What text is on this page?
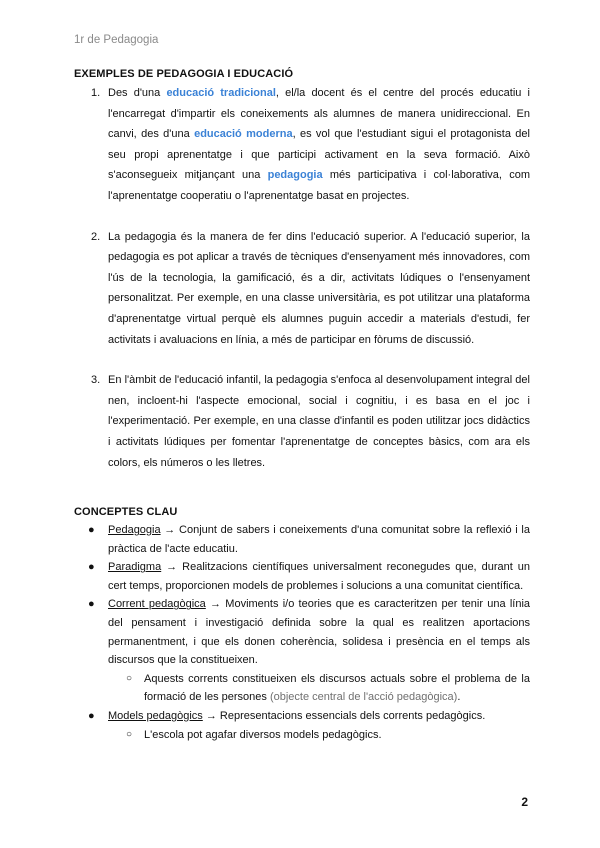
1r de Pedagogia
EXEMPLES DE PEDAGOGIA I EDUCACIÓ
1. Des d'una educació tradicional, el/la docent és el centre del procés educatiu i l'encarregat d'impartir els coneixements als alumnes de manera unidireccional. En canvi, des d'una educació moderna, es vol que l'estudiant sigui el protagonista del seu propi aprenentatge i que participi activament en la seva formació. Això s'aconsegueix mitjançant una pedagogia més participativa i col·laborativa, com l'aprenentatge cooperatiu o l'aprenentatge basat en projectes.
2. La pedagogia és la manera de fer dins l'educació superior. A l'educació superior, la pedagogia es pot aplicar a través de tècniques d'ensenyament més innovadores, com l'ús de la tecnologia, la gamificació, és a dir, activitats lúdiques o l'ensenyament personalitzat. Per exemple, en una classe universitària, es pot utilitzar una plataforma d'aprenentatge virtual perquè els alumnes puguin accedir a materials d'estudi, fer activitats i avaluacions en línia, a més de participar en fòrums de discussió.
3. En l'àmbit de l'educació infantil, la pedagogia s'enfoca al desenvolupament integral del nen, incloent-hi l'aspecte emocional, social i cognitiu, i es basa en el joc i l'experimentació. Per exemple, en una classe d'infantil es poden utilitzar jocs didàctics i activitats lúdiques per fomentar l'aprenentatge de conceptes bàsics, com ara els colors, els números o les lletres.
CONCEPTES CLAU
● Pedagogia → Conjunt de sabers i coneixements d'una comunitat sobre la reflexió i la pràctica de l'acte educatiu.
● Paradigma → Realitzacions científiques universalment reconegudes que, durant un cert temps, proporcionen models de problemes i solucions a una comunitat científica.
● Corrent pedagògica → Moviments i/o teories que es caracteritzen per tenir una línia del pensament i investigació definida sobre la qual es realitzen aportacions permanentment, i que els donen coherència, solidesa i presència en el temps als discursos que la constitueixen.
○ Aquests corrents constitueixen els discursos actuals sobre el problema de la formació de les persones (objecte central de l'acció pedagògica).
● Models pedagògics → Representacions essencials dels corrents pedagògics.
○ L'escola pot agafar diversos models pedagògics.
2
